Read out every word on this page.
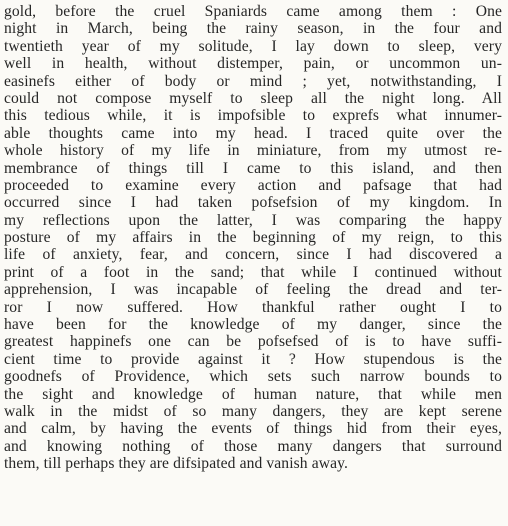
gold, before the cruel Spaniards came among them : One
night in March, being the rainy season, in the four and
twentieth year of my solitude, I lay down to sleep, very
well in health, without distemper, pain, or uncommon un-
easinefs either of body or mind ; yet, notwithstanding, I
could not compose myself to sleep all the night long. All
this tedious while, it is impofsible to exprefs what innumer-
able thoughts came into my head. I traced quite over the
whole history of my life in miniature, from my utmost re-
membrance of things till I came to this island, and then
proceeded to examine every action and pafsage that had
occurred since I had taken pofsefsion of my kingdom. In
my reflections upon the latter, I was comparing the happy
posture of my affairs in the beginning of my reign, to this
life of anxiety, fear, and concern, since I had discovered a
print of a foot in the sand; that while I continued without
apprehension, I was incapable of feeling the dread and ter-
ror I now suffered. How thankful rather ought I to
have been for the knowledge of my danger, since the
greatest happinefs one can be pofsefsed of is to have suffi-
cient time to provide against it ? How stupendous is the
goodnefs of Providence, which sets such narrow bounds to
the sight and knowledge of human nature, that while men
walk in the midst of so many dangers, they are kept serene
and calm, by having the events of things hid from their eyes,
and knowing nothing of those many dangers that surround
them, till perhaps they are difsipated and vanish away.
